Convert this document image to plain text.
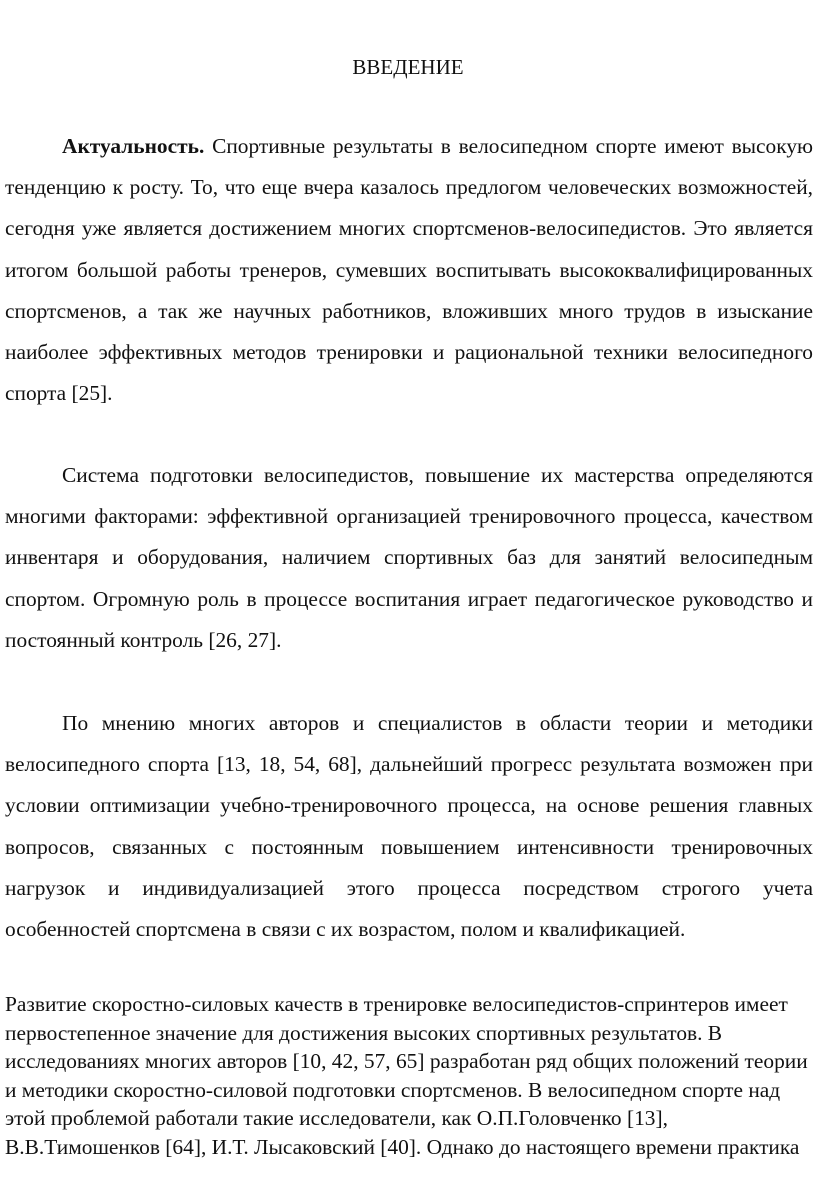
ВВЕДЕНИЕ

Актуальность. Спортивные результаты в велосипедном спорте имеют высокую тенденцию к росту. То, что еще вчера казалось предлогом человеческих возможностей, сегодня уже является достижением многих спортсменов-велосипедистов. Это является итогом большой работы тренеров, сумевших воспитывать высококвалифицированных спортсменов, а так же научных работников, вложивших много трудов в изыскание наиболее эффективных методов тренировки и рациональной техники велосипедного спорта [25].

Система подготовки велосипедистов, повышение их мастерства определяются многими факторами: эффективной организацией тренировочного процесса, качеством инвентаря и оборудования, наличием спортивных баз для занятий велосипедным спортом. Огромную роль в процессе воспитания играет педагогическое руководство и постоянный контроль [26, 27].

По мнению многих авторов и специалистов в области теории и методики велосипедного спорта [13, 18, 54, 68], дальнейший прогресс результата возможен при условии оптимизации учебно-тренировочного процесса, на основе решения главных вопросов, связанных с постоянным повышением интенсивности тренировочных нагрузок и индивидуализацией этого процесса посредством строгого учета особенностей спортсмена в связи с их возрастом, полом и квалификацией.

Развитие скоростно-силовых качеств в тренировке велосипедистов-спринтеров имеет первостепенное значение для достижения высоких спортивных результатов. В исследованиях многих авторов [10, 42, 57, 65] разработан ряд общих положений теории и методики скоростно-силовой подготовки спортсменов. В велосипедном спорте над этой проблемой работали такие исследователи, как О.П.Головченко [13], В.В.Тимошенков [64], И.Т. Лысаковский [40]. Однако до настоящего времени практика
